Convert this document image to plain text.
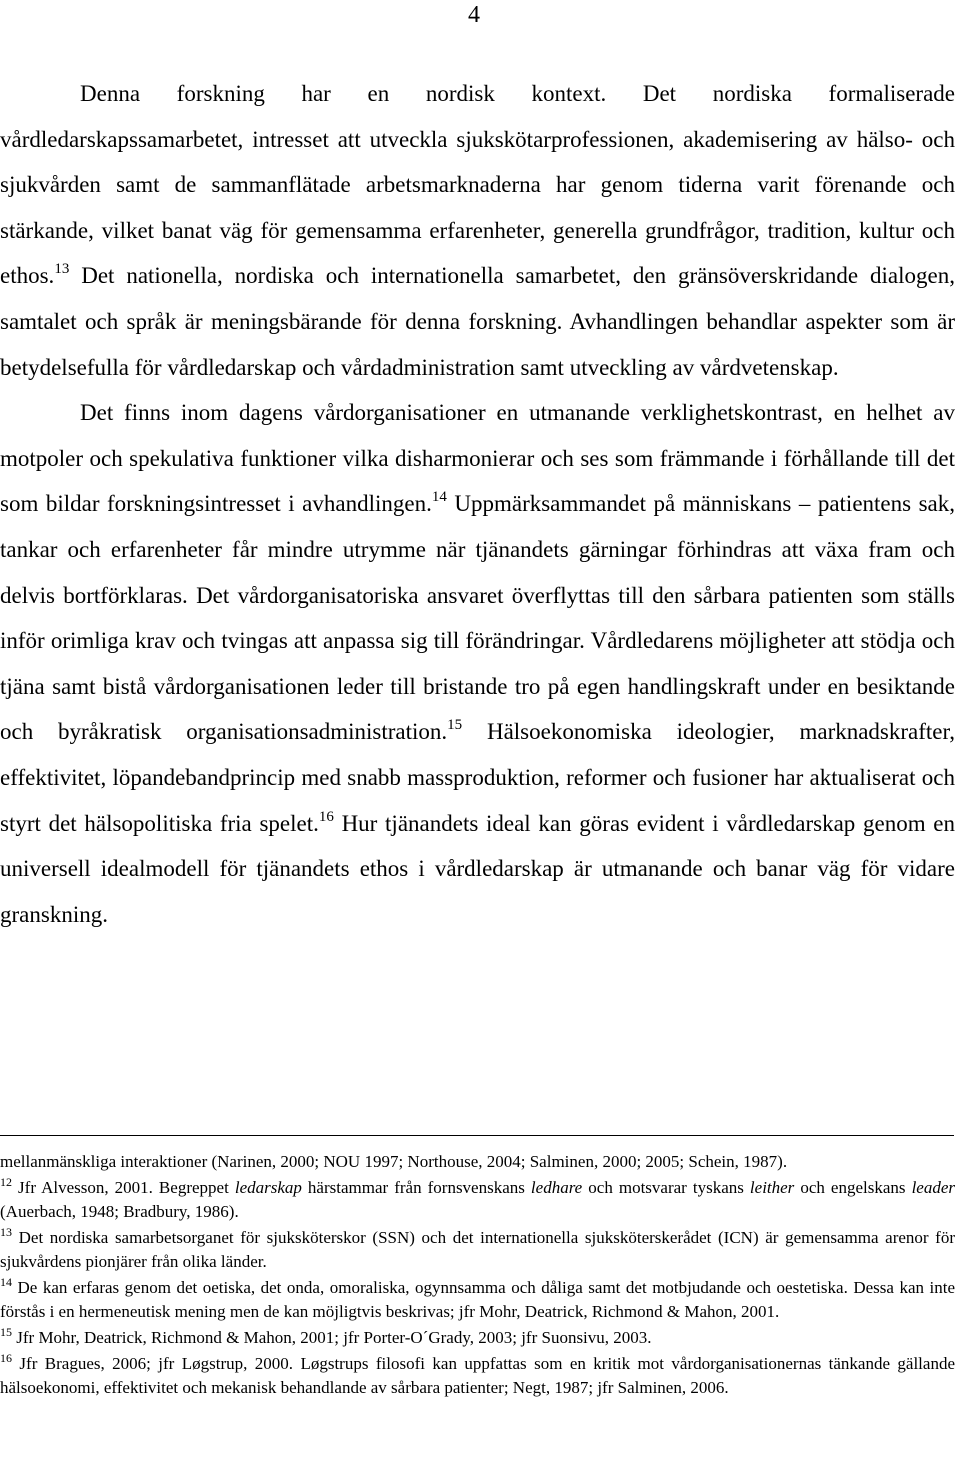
4

Denna forskning har en nordisk kontext. Det nordiska formaliserade vårdledarskapssamarbetet, intresset att utveckla sjukskötarprofessionen, akademisering av hälso- och sjukvården samt de sammanflätade arbetsmarknaderna har genom tiderna varit förenande och stärkande, vilket banat väg för gemensamma erfarenheter, generella grundfrågor, tradition, kultur och ethos.$^{13}$ Det nationella, nordiska och internationella samarbetet, den gränsöverskridande dialogen, samtalet och språk är meningsbärande för denna forskning. Avhandlingen behandlar aspekter som är betydelsefulla för vårdledarskap och vårdadministration samt utveckling av vårdvetenskap.

Det finns inom dagens vårdorganisationer en utmanande verklighetskontrast, en helhet av motpoler och spekulativa funktioner vilka disharmonierar och ses som främmande i förhållande till det som bildar forskningsintresset i avhandlingen.$^{14}$ Uppmärksammandet på människans – patientens sak, tankar och erfarenheter får mindre utrymme när tjänandets gärningar förhindras att växa fram och delvis bortförklaras. Det vårdorganisatoriska ansvaret överflyttas till den sårbara patienten som ställs inför orimliga krav och tvingas att anpassa sig till förändringar. Vårdledarens möjligheter att stödja och tjäna samt bistå vårdorganisationen leder till bristande tro på egen handlingskraft under en besiktande och byråkratisk organisationsadministration.$^{15}$ Hälsoekonomiska ideologier, marknadskrafter, effektivitet, löpandebandprincip med snabb massproduktion, reformer och fusioner har aktualiserat och styrt det hälsopolitiska fria spelet.$^{16}$ Hur tjänandets ideal kan göras evident i vårdledarskap genom en universell idealmodell för tjänandets ethos i vårdledarskap är utmanande och banar väg för vidare granskning.

mellanmänskliga interaktioner (Narinen, 2000; NOU 1997; Northouse, 2004; Salminen, 2000; 2005; Schein, 1987).

$^{12}$ Jfr Alvesson, 2001. Begreppet ledarskap härstammar från fornsvenskans ledhare och motsvarar tyskans leither och engelskans leader (Auerbach, 1948; Bradbury, 1986).

$^{13}$ Det nordiska samarbetsorganet för sjuksköterskor (SSN) och det internationella sjuksköterskerådet (ICN) är gemensamma arenor för sjukvårdens pionjärer från olika länder.

$^{14}$ De kan erfaras genom det oetiska, det onda, omoraliska, ogynnsamma och dåliga samt det motbjudande och oestetiska. Dessa kan inte förstås i en hermeneutisk mening men de kan möjligtvis beskrivas; jfr Mohr, Deatrick, Richmond & Mahon, 2001.

$^{15}$ Jfr Mohr, Deatrick, Richmond & Mahon, 2001; jfr Porter-O´Grady, 2003; jfr Suonsivu, 2003.

$^{16}$ Jfr Bragues, 2006; jfr Løgstrup, 2000. Løgstrups filosofi kan uppfattas som en kritik mot vårdorganisationernas tänkande gällande hälsoekonomi, effektivitet och mekanisk behandlande av sårbara patienter; Negt, 1987; jfr Salminen, 2006.
